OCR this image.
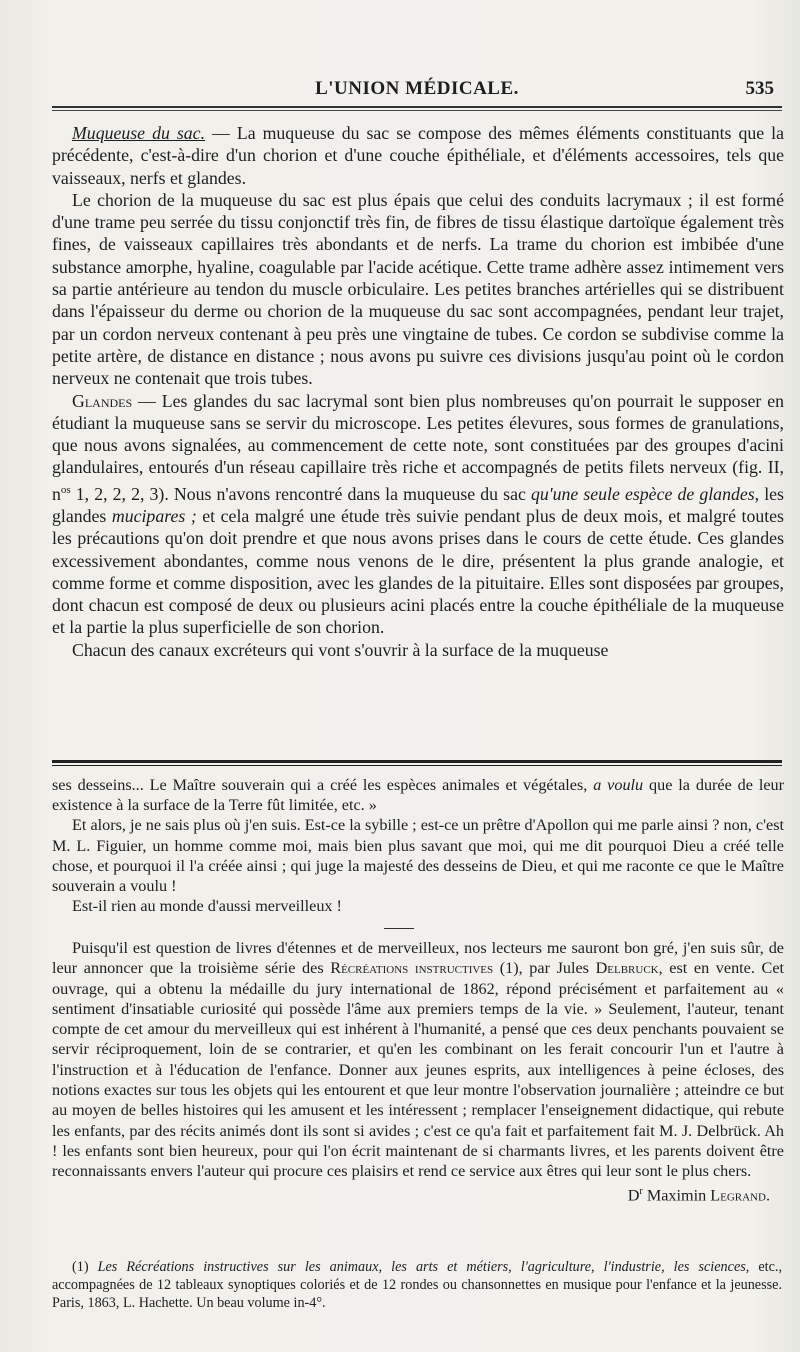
L'UNION MÉDICALE.	535

Muqueuse du sac. — La muqueuse du sac se compose des mêmes éléments constituants que la précédente, c'est-à-dire d'un chorion et d'une couche épithéliale, et d'éléments accessoires, tels que vaisseaux, nerfs et glandes.

Le chorion de la muqueuse du sac est plus épais que celui des conduits lacrymaux ; il est formé d'une trame peu serrée du tissu conjonctif très fin, de fibres de tissu élastique dartoïque également très fines, de vaisseaux capillaires très abondants et de nerfs. La trame du chorion est imbibée d'une substance amorphe, hyaline, coagulable par l'acide acétique. Cette trame adhère assez intimement vers sa partie antérieure au tendon du muscle orbiculaire. Les petites branches artérielles qui se distribuent dans l'épaisseur du derme ou chorion de la muqueuse du sac sont accompagnées, pendant leur trajet, par un cordon nerveux contenant à peu près une vingtaine de tubes. Ce cordon se subdivise comme la petite artère, de distance en distance ; nous avons pu suivre ces divisions jusqu'au point où le cordon nerveux ne contenait que trois tubes.

Glandes — Les glandes du sac lacrymal sont bien plus nombreuses qu'on pourrait le supposer en étudiant la muqueuse sans se servir du microscope. Les petites élevures, sous formes de granulations, que nous avons signalées, au commencement de cette note, sont constituées par des groupes d'acini glandulaires, entourés d'un réseau capillaire très riche et accompagnés de petits filets nerveux (fig. II, $n^{os}$ 1, 2, 2, 2, 3). Nous n'avons rencontré dans la muqueuse du sac qu'une seule espèce de glandes, les glandes mucipares ; et cela malgré une étude très suivie pendant plus de deux mois, et malgré toutes les précautions qu'on doit prendre et que nous avons prises dans le cours de cette étude. Ces glandes excessivement abondantes, comme nous venons de le dire, présentent la plus grande analogie, et comme forme et comme disposition, avec les glandes de la pituitaire. Elles sont disposées par groupes, dont chacun est composé de deux ou plusieurs acini placés entre la couche épithéliale de la muqueuse et la partie la plus superficielle de son chorion.

Chacun des canaux excréteurs qui vont s'ouvrir à la surface de la muqueuse

ses desseins... Le Maître souverain qui a créé les espèces animales et végétales, a voulu que la durée de leur existence à la surface de la Terre fût limitée, etc. »

Et alors, je ne sais plus où j'en suis. Est-ce la sybille ; est-ce un prêtre d'Apollon qui me parle ainsi ? non, c'est M. L. Figuier, un homme comme moi, mais bien plus savant que moi, qui me dit pourquoi Dieu a créé telle chose, et pourquoi il l'a créée ainsi ; qui juge la majesté des desseins de Dieu, et qui me raconte ce que le Maître souverain a voulu !

Est-il rien au monde d'aussi merveilleux !

Puisqu'il est question de livres d'étennes et de merveilleux, nos lecteurs me sauront bon gré, j'en suis sûr, de leur annoncer que la troisième série des Récréations instructives (1), par Jules Delbruck, est en vente. Cet ouvrage, qui a obtenu la médaille du jury international de 1862, répond précisément et parfaitement au « sentiment d'insatiable curiosité qui possède l'âme aux premiers temps de la vie. » Seulement, l'auteur, tenant compte de cet amour du merveilleux qui est inhérent à l'humanité, a pensé que ces deux penchants pouvaient se servir réciproquement, loin de se contrarier, et qu'en les combinant on les ferait concourir l'un et l'autre à l'instruction et à l'éducation de l'enfance. Donner aux jeunes esprits, aux intelligences à peine écloses, des notions exactes sur tous les objets qui les entourent et que leur montre l'observation journalière ; atteindre ce but au moyen de belles histoires qui les amusent et les intéressent ; remplacer l'enseignement didactique, qui rebute les enfants, par des récits animés dont ils sont si avides ; c'est ce qu'a fait et parfaitement fait M. J. Delbrück. Ah ! les enfants sont bien heureux, pour qui l'on écrit maintenant de si charmants livres, et les parents doivent être reconnaissants envers l'auteur qui procure ces plaisirs et rend ce service aux êtres qui leur sont le plus chers.
$D^r$ Maximin Legrand.

(1) Les Récréations instructives sur les animaux, les arts et métiers, l'agriculture, l'industrie, les sciences, etc., accompagnées de 12 tableaux synoptiques coloriés et de 12 rondes ou chansonnettes en musique pour l'enfance et la jeunesse. Paris, 1863, L. Hachette. Un beau volume in-4°.
